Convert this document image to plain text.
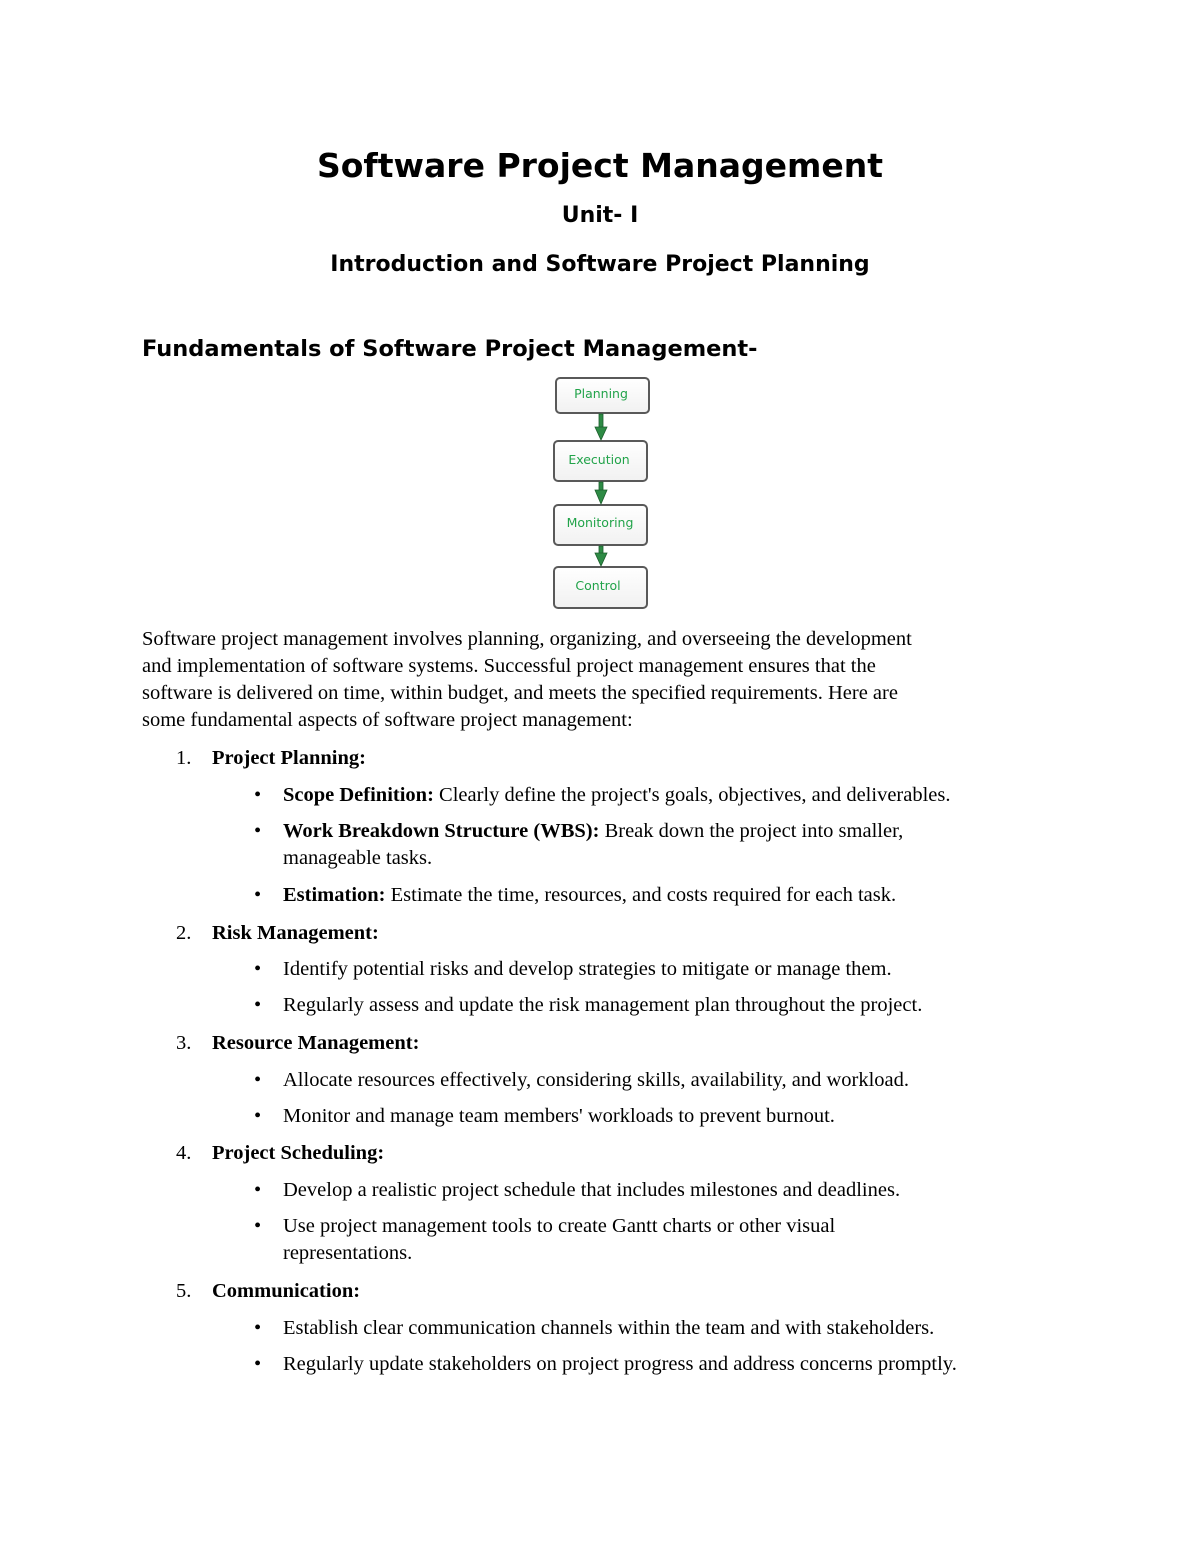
Software Project Management
Unit- I
Introduction and Software Project Planning
Fundamentals of Software Project Management-
Planning
Execution
Monitoring
Control
Software project management involves planning, organizing, and overseeing the development
and implementation of software systems. Successful project management ensures that the
software is delivered on time, within budget, and meets the specified requirements. Here are
some fundamental aspects of software project management:
1. Project Planning:
• Scope Definition: Clearly define the project's goals, objectives, and deliverables.
• Work Breakdown Structure (WBS): Break down the project into smaller,
manageable tasks.
• Estimation: Estimate the time, resources, and costs required for each task.
2. Risk Management:
• Identify potential risks and develop strategies to mitigate or manage them.
• Regularly assess and update the risk management plan throughout the project.
3. Resource Management:
• Allocate resources effectively, considering skills, availability, and workload.
• Monitor and manage team members' workloads to prevent burnout.
4. Project Scheduling:
• Develop a realistic project schedule that includes milestones and deadlines.
• Use project management tools to create Gantt charts or other visual
representations.
5. Communication:
• Establish clear communication channels within the team and with stakeholders.
• Regularly update stakeholders on project progress and address concerns promptly.
